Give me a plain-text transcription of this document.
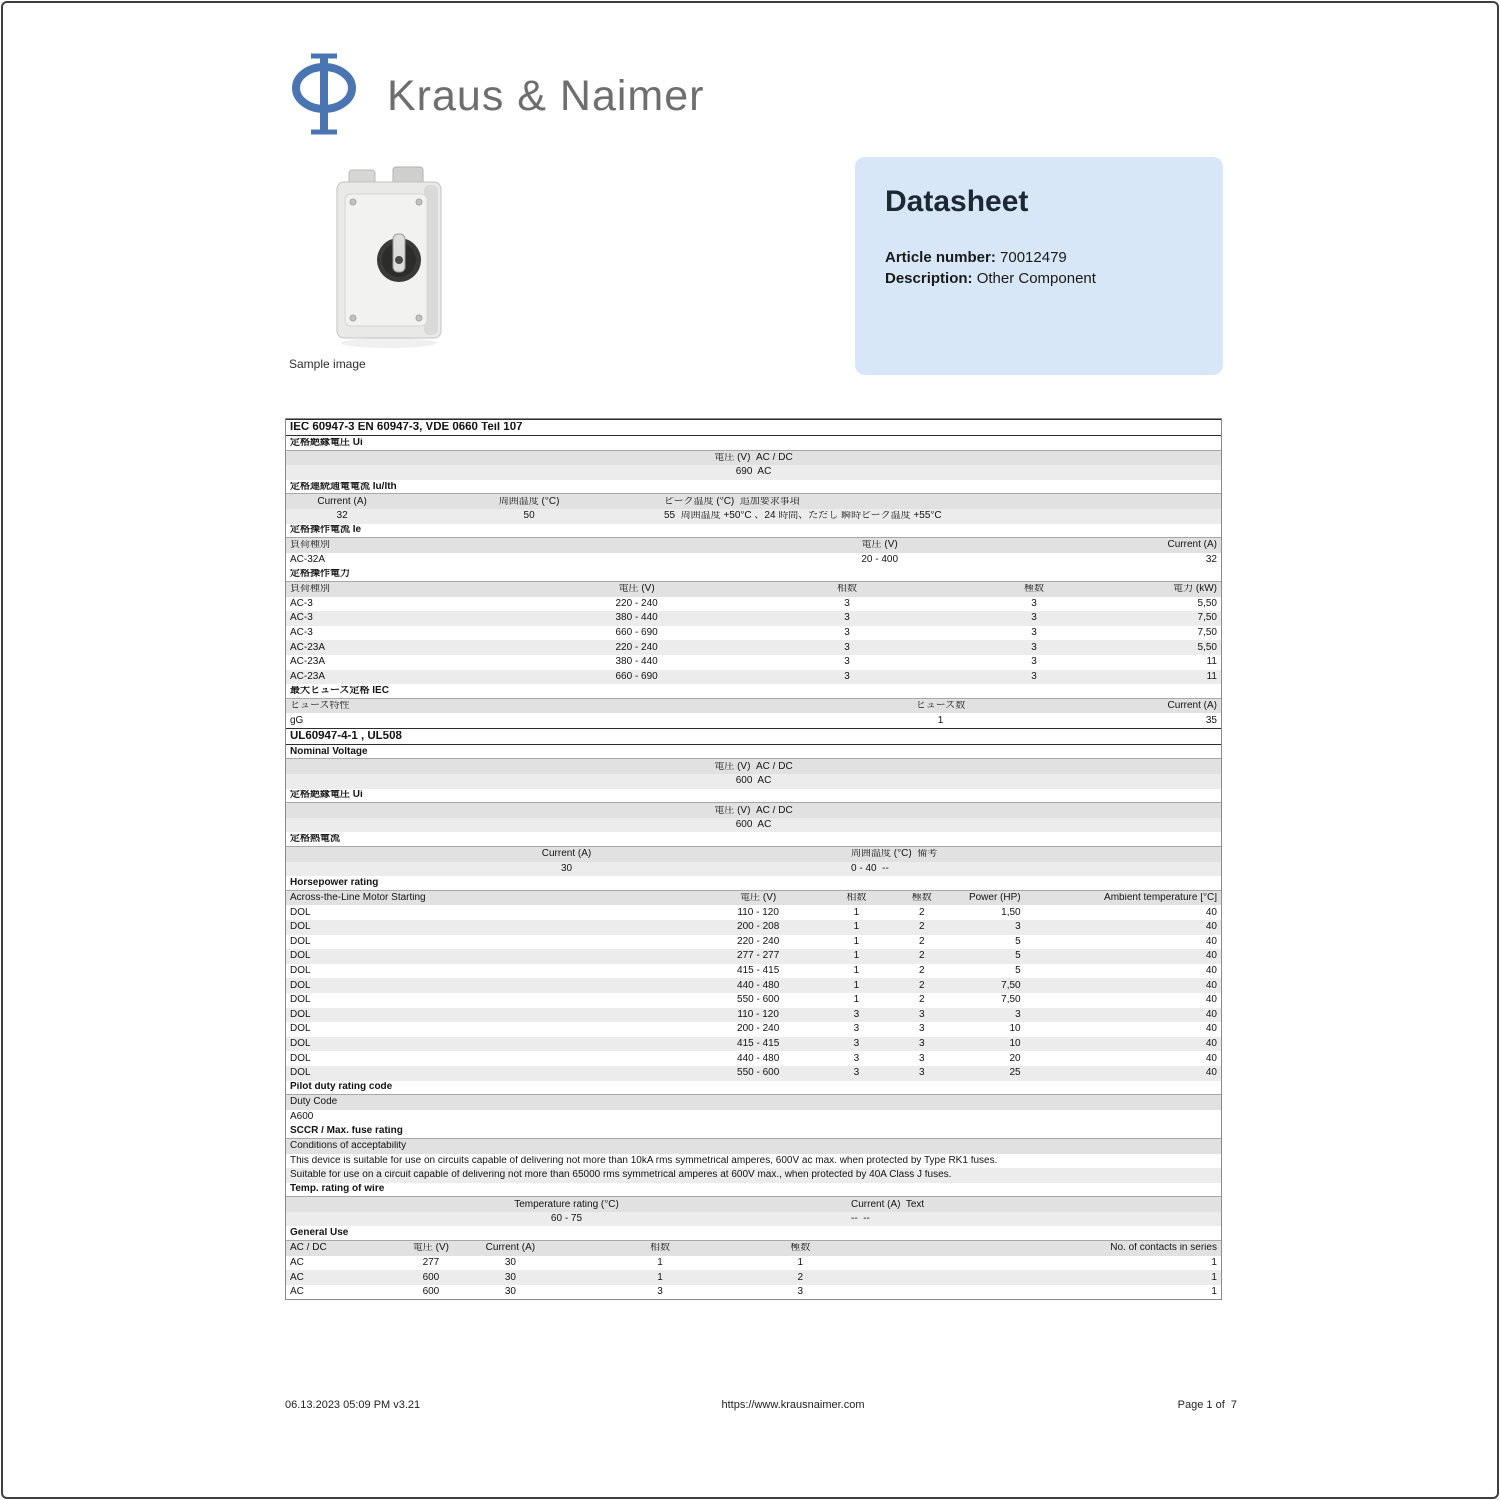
Kraus & Naimer
Sample image
Datasheet

Article number: 70012479

Description: Other Component

IEC 60947-3 EN 60947-3, VDE 0660 Teil 107
定格絶縁電圧 Ui
電圧 (V)  AC / DC
690  AC
定格連続通電電流 Iu/Ith
Current (A)	周囲温度 (°C)	ピーク温度 (°C)  追加要求事項
32	50	55  周囲温度 +50°C 、24 時間、ただし 瞬時ピーク温度 +55°C
定格操作電流 Ie
負荷種別	電圧 (V)	Current (A)
AC-32A	20 - 400	32
定格操作電力
負荷種別	電圧 (V)	相数	極数	電力 (kW)
AC-3	220 - 240	3	3	5,50
AC-3	380 - 440	3	3	7,50
AC-3	660 - 690	3	3	7,50
AC-23A	220 - 240	3	3	5,50
AC-23A	380 - 440	3	3	11
AC-23A	660 - 690	3	3	11
最大ヒューズ定格 IEC
ヒューズ特性	ヒューズ数	Current (A)
gG	1	35
UL60947-4-1 , UL508
Nominal Voltage
電圧 (V)  AC / DC
600  AC
定格絶縁電圧 Ui
電圧 (V)  AC / DC
600  AC
定格熱電流
Current (A)	周囲温度 (°C)  備考
30	0 - 40  --
Horsepower rating
Across-the-Line Motor Starting	電圧 (V)	相数	極数	Power (HP)	Ambient temperature [°C]
DOL	110 - 120	1	2	1,50	40
DOL	200 - 208	1	2	3	40
DOL	220 - 240	1	2	5	40
DOL	277 - 277	1	2	5	40
DOL	415 - 415	1	2	5	40
DOL	440 - 480	1	2	7,50	40
DOL	550 - 600	1	2	7,50	40
DOL	110 - 120	3	3	3	40
DOL	200 - 240	3	3	10	40
DOL	415 - 415	3	3	10	40
DOL	440 - 480	3	3	20	40
DOL	550 - 600	3	3	25	40
Pilot duty rating code
Duty Code
A600
SCCR / Max. fuse rating
Conditions of acceptability
This device is suitable for use on circuits capable of delivering not more than 10kA rms symmetrical amperes, 600V ac max. when protected by Type RK1 fuses.
Suitable for use on a circuit capable of delivering not more than 65000 rms symmetrical amperes at 600V max., when protected by 40A Class J fuses.
Temp. rating of wire
Temperature rating (°C)	Current (A)  Text
60 - 75	--  --
General Use
AC / DC	電圧 (V)	Current (A)	相数	極数	No. of contacts in series
AC	277	30	1	1	1
AC	600	30	1	2	1
AC	600	30	3	3	1
06.13.2023 05:09 PM v3.21	https://www.krausnaimer.com	Page 1 of  7
